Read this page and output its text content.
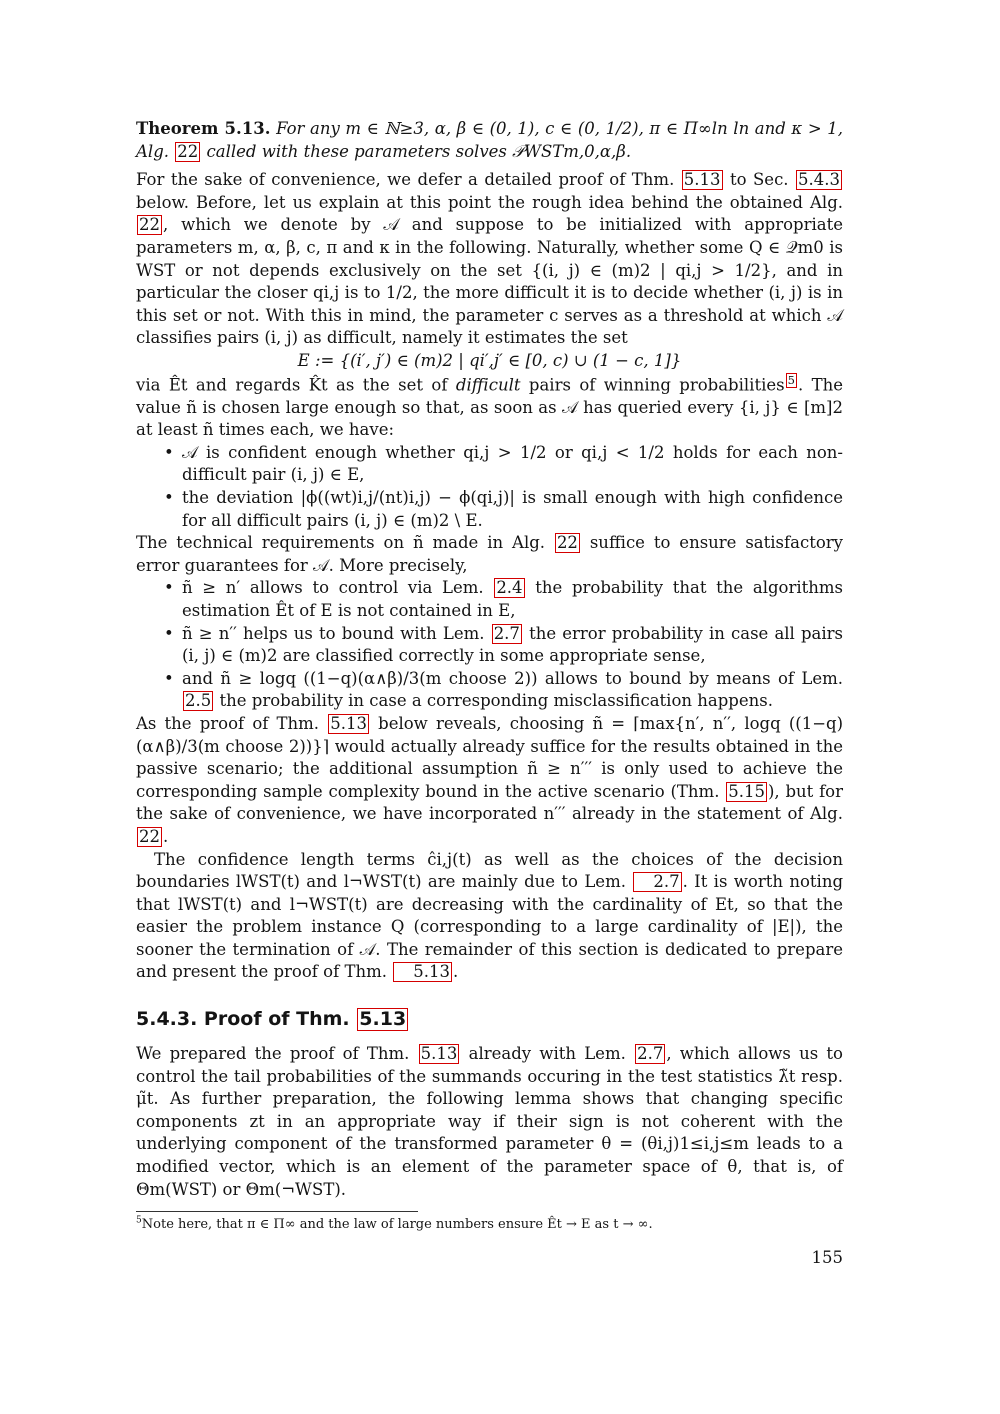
Theorem 5.13. For any m ∈ ℕ≥3, α, β ∈ (0, 1), c ∈ (0, 1/2), π ∈ Π∞ln ln and κ > 1, Alg. 22 called with these parameters solves 𝒫WSTm,0,α,β.

For the sake of convenience, we defer a detailed proof of Thm. 5.13 to Sec. 5.4.3 below. Before, let us explain at this point the rough idea behind the obtained Alg. 22 , which we denote by 𝒜 and suppose to be initialized with appropriate parameters m, α, β, c, π and κ in the following. Naturally, whether some Q ∈ 𝒬m0 is WST or not depends exclusively on the set {(i, j) ∈ (m)2 | qi,j > 1/2}, and in particular the closer qi,j is to 1/2, the more difficult it is to decide whether (i, j) is in this set or not. With this in mind, the parameter c serves as a threshold at which 𝒜 classifies pairs (i, j) as difficult, namely it estimates the set

E := {(i′, j′) ∈ (m)2 | qi′,j′ ∈ [0, c) ∪ (1 − c, 1]}

via Êt and regards K̂t as the set of difficult pairs of winning probabilities $^5$ . The value ñ is chosen large enough so that, as soon as 𝒜 has queried every {i, j} ∈ [m]2 at least ñ times each, we have:

• 𝒜 is confident enough whether qi,j > 1/2 or qi,j < 1/2 holds for each non-difficult pair (i, j) ∈ E,
• the deviation |ϕ((wt)i,j/(nt)i,j) − ϕ(qi,j)| is small enough with high confidence for all difficult pairs (i, j) ∈ (m)2 \ E.

The technical requirements on ñ made in Alg. 22 suffice to ensure satisfactory error guarantees for 𝒜. More precisely,

• ñ ≥ n′ allows to control via Lem. 2.4 the probability that the algorithms estimation Êt of E is not contained in E,
• ñ ≥ n′′ helps us to bound with Lem. 2.7 the error probability in case all pairs (i, j) ∈ (m)2 are classified correctly in some appropriate sense,
• and ñ ≥ logq ((1−q)(α∧β)/3(m choose 2)) allows to bound by means of Lem. 2.5 the probability in case a corresponding misclassification happens.

As the proof of Thm. 5.13 below reveals, choosing ñ = ⌈max{n′, n′′, logq ((1−q)(α∧β)/3(m choose 2))}⌉ would actually already suffice for the results obtained in the passive scenario; the additional assumption ñ ≥ n′′′ is only used to achieve the corresponding sample complexity bound in the active scenario (Thm. 5.15 ), but for the sake of convenience, we have incorporated n′′′ already in the statement of Alg. 22 .

The confidence length terms ĉi,j(t) as well as the choices of the decision boundaries lWST(t) and l¬WST(t) are mainly due to Lem. 2.7 . It is worth noting that lWST(t) and l¬WST(t) are decreasing with the cardinality of Et, so that the easier the problem instance Q (corresponding to a large cardinality of |E|), the sooner the termination of 𝒜. The remainder of this section is dedicated to prepare and present the proof of Thm. 5.13 .

5.4.3. Proof of Thm. 5.13

We prepared the proof of Thm. 5.13 already with Lem. 2.7 , which allows us to control the tail probabilities of the summands occuring in the test statistics λ̃t resp. μ̃t. As further preparation, the following lemma shows that changing specific components zt in an appropriate way if their sign is not coherent with the underlying component of the transformed parameter θ = (θi,j)1≤i,j≤m leads to a modified vector, which is an element of the parameter space of θ, that is, of Θm(WST) or Θm(¬WST).

$^5$Note here, that π ∈ Π∞ and the law of large numbers ensure Êt → E as t → ∞.

155
